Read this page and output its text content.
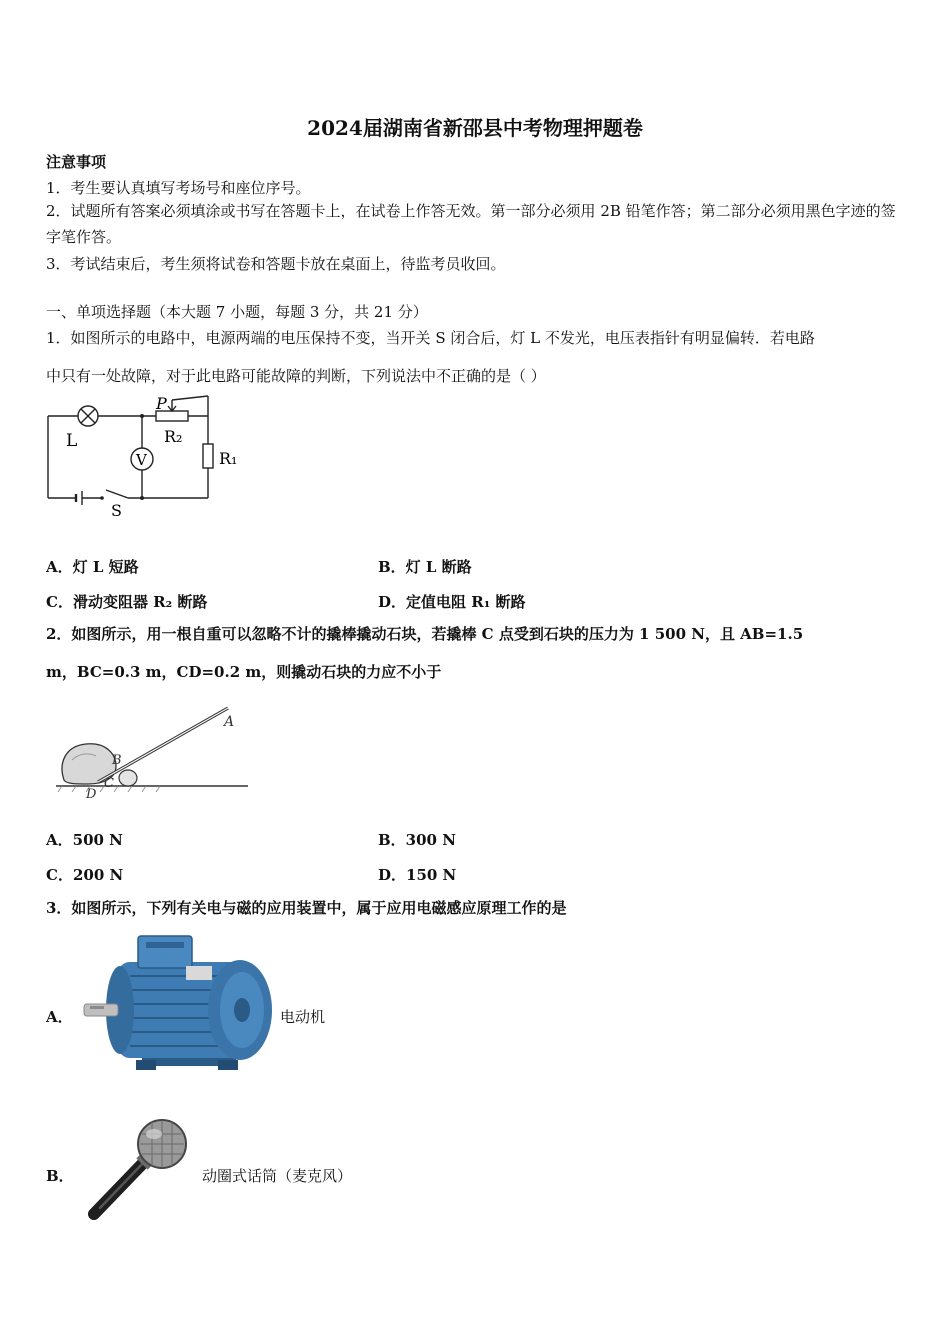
2024届湖南省新邵县中考物理押题卷
注意事项
1．考生要认真填写考场号和座位序号。
2．试题所有答案必须填涂或书写在答题卡上，在试卷上作答无效。第一部分必须用 2B 铅笔作答；第二部分必须用黑色字迹的签字笔作答。
3．考试结束后，考生须将试卷和答题卡放在桌面上，待监考员收回。
一、单项选择题（本大题 7 小题，每题 3 分，共 21 分）
1．如图所示的电路中，电源两端的电压保持不变，当开关 S 闭合后，灯 L 不发光，电压表指针有明显偏转．若电路
中只有一处故障，对于此电路可能故障的判断，下列说法中不正确的是（ ）
L
P
R₂
V	R₁
S
A．灯 L 短路	B．灯 L 断路
C．滑动变阻器 R₂ 断路	D．定值电阻 R₁ 断路
2．如图所示，用一根自重可以忽略不计的撬棒撬动石块，若撬棒 C 点受到石块的压力为 1 500 N，且 AB=1.5
m，BC=0.3 m，CD=0.2 m，则撬动石块的力应不小于
A
B
C
D
A．500 N	B．300 N
C．200 N	D．150 N
3．如图所示，下列有关电与磁的应用装置中，属于应用电磁感应原理工作的是
A．	电动机
B．	动圈式话筒（麦克风）
